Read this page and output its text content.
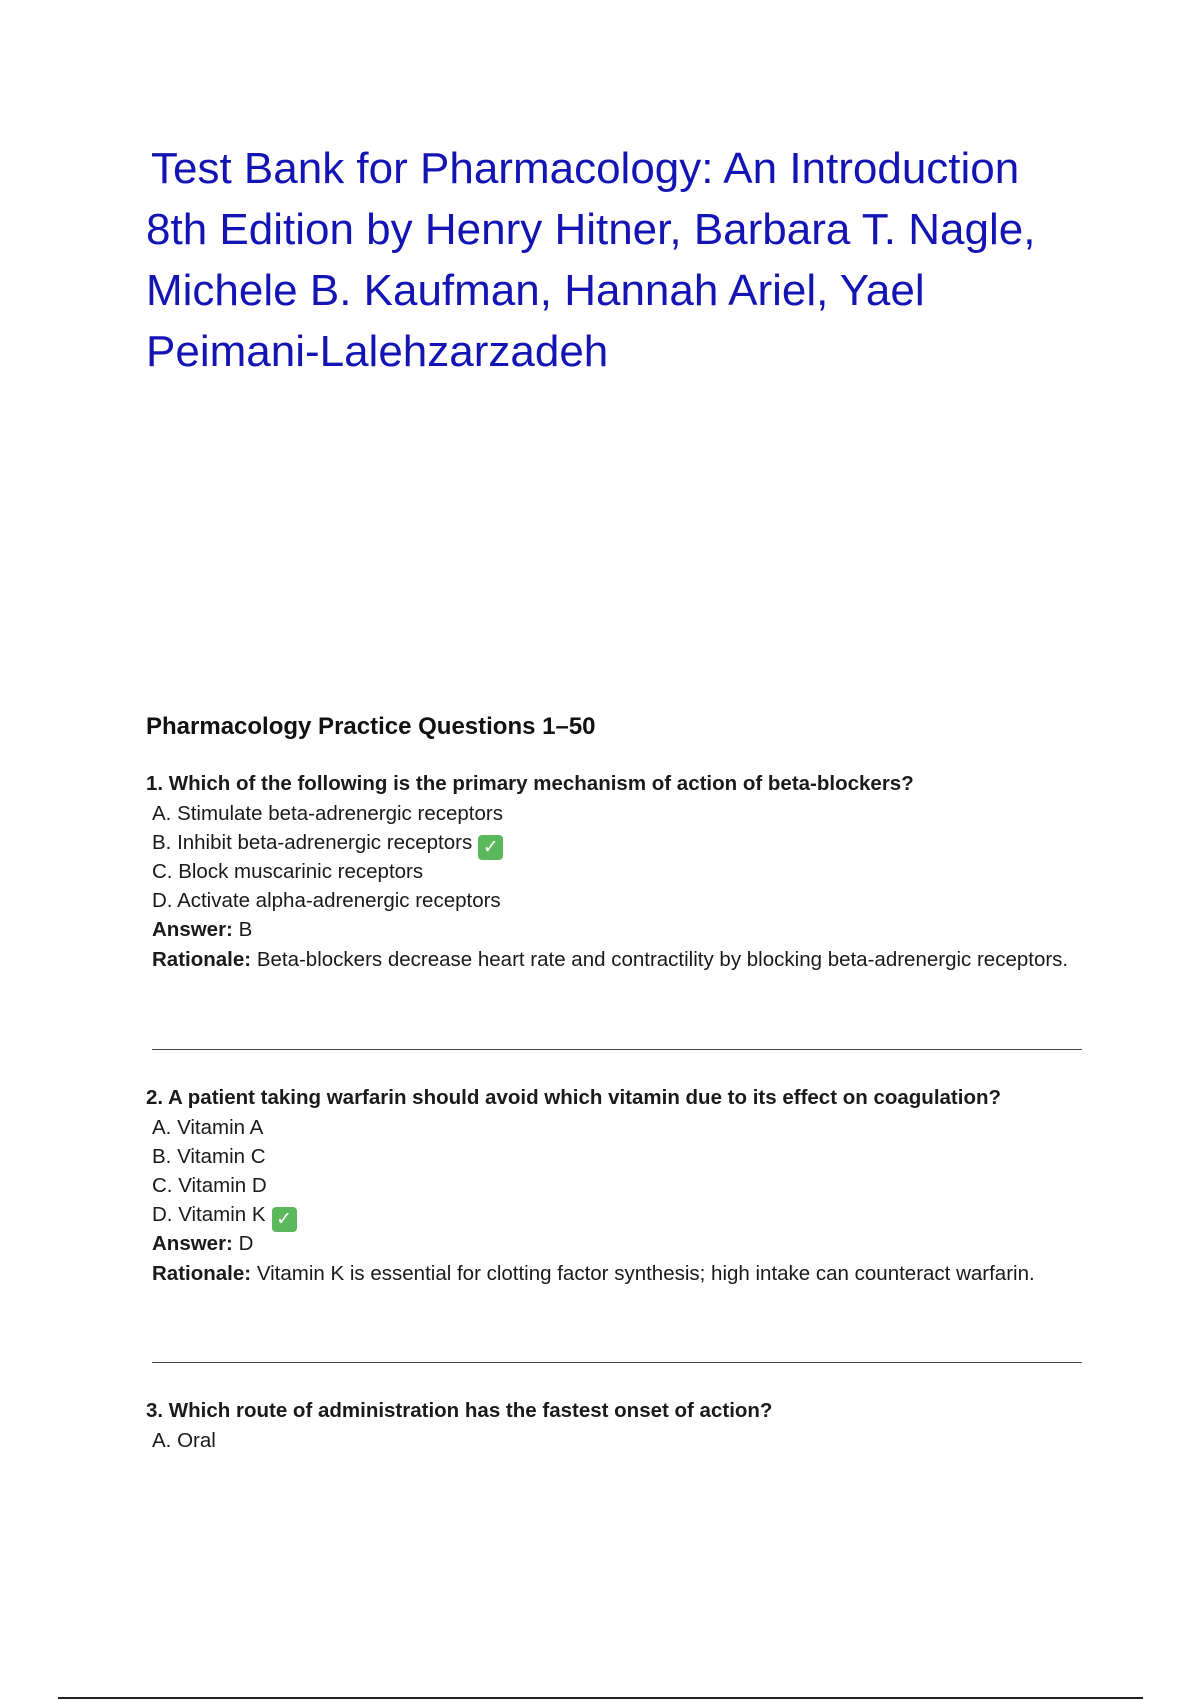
Test Bank for Pharmacology: An Introduction
8th Edition by Henry Hitner, Barbara T. Nagle,
Michele B. Kaufman, Hannah Ariel, Yael
Peimani-Lalehzarzadeh
Pharmacology Practice Questions 1–50
1. Which of the following is the primary mechanism of action of beta-blockers?
A. Stimulate beta-adrenergic receptors
B. Inhibit beta-adrenergic receptors ✓
C. Block muscarinic receptors
D. Activate alpha-adrenergic receptors
Answer: B
Rationale: Beta-blockers decrease heart rate and contractility by blocking beta-adrenergic receptors.
2. A patient taking warfarin should avoid which vitamin due to its effect on coagulation?
A. Vitamin A
B. Vitamin C
C. Vitamin D
D. Vitamin K ✓
Answer: D
Rationale: Vitamin K is essential for clotting factor synthesis; high intake can counteract warfarin.
3. Which route of administration has the fastest onset of action?
A. Oral
